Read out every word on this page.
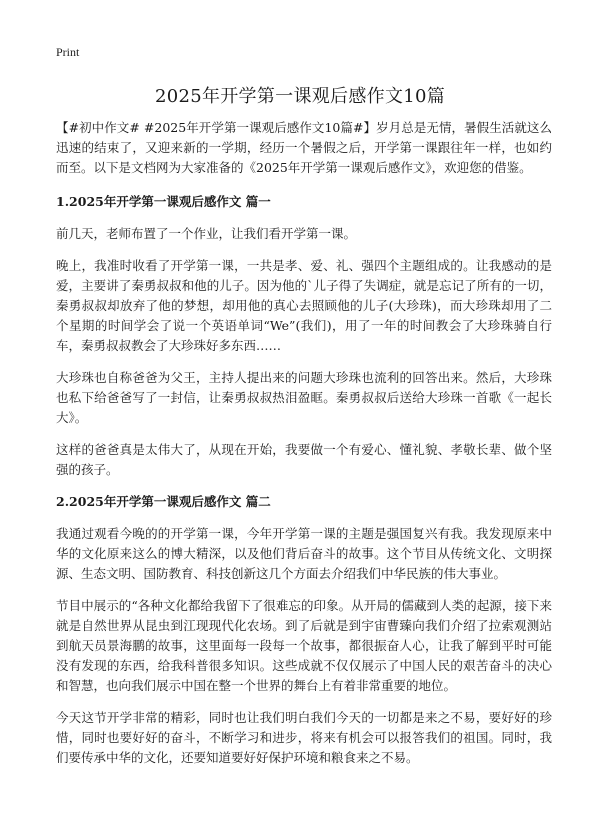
Print
2025年开学第一课观后感作文10篇

【#初中作文# #2025年开学第一课观后感作文10篇#】岁月总是无情，暑假生活就这么迅速的结束了，又迎来新的一学期，经历一个暑假之后，开学第一课跟往年一样，也如约而至。以下是文档网为大家准备的《2025年开学第一课观后感作文》，欢迎您的借鉴。

1.2025年开学第一课观后感作文 篇一

前几天，老师布置了一个作业，让我们看开学第一课。

晚上，我准时收看了开学第一课，一共是孝、爱、礼、强四个主题组成的。让我感动的是爱，主要讲了秦勇叔叔和他的儿子。因为他的`儿子得了失调症，就是忘记了所有的一切，秦勇叔叔却放弃了他的梦想，却用他的真心去照顾他的儿子(大珍珠)，而大珍珠却用了二个星期的时间学会了说一个英语单词“We”(我们)，用了一年的时间教会了大珍珠骑自行车，秦勇叔叔教会了大珍珠好多东西……

大珍珠也自称爸爸为父王，主持人提出来的问题大珍珠也流利的回答出来。然后，大珍珠也私下给爸爸写了一封信，让秦勇叔叔热泪盈眶。秦勇叔叔后送给大珍珠一首歌《一起长大》。

这样的爸爸真是太伟大了，从现在开始，我要做一个有爱心、懂礼貌、孝敬长辈、做个坚强的孩子。

2.2025年开学第一课观后感作文 篇二

我通过观看今晚的的开学第一课，今年开学第一课的主题是强国复兴有我。我发现原来中华的文化原来这么的博大精深，以及他们背后奋斗的故事。这个节目从传统文化、文明探源、生态文明、国防教育、科技创新这几个方面去介绍我们中华民族的伟大事业。

节目中展示的“各种文化都给我留下了很难忘的印象。从开局的儒藏到人类的起源，接下来就是自然世界从昆虫到江现现代化农场。到了后就是到宇宙曹臻向我们介绍了拉索观测站到航天员景海鹏的故事，这里面每一段每一个故事，都很振奋人心，让我了解到平时可能没有发现的东西，给我科普很多知识。这些成就不仅仅展示了中国人民的艰苦奋斗的决心和智慧，也向我们展示中国在整一个世界的舞台上有着非常重要的地位。

今天这节开学非常的精彩，同时也让我们明白我们今天的一切都是来之不易，要好好的珍惜，同时也要好好的奋斗，不断学习和进步，将来有机会可以报答我们的祖国。同时，我们要传承中华的文化，还要知道要好好保护环境和粮食来之不易。
